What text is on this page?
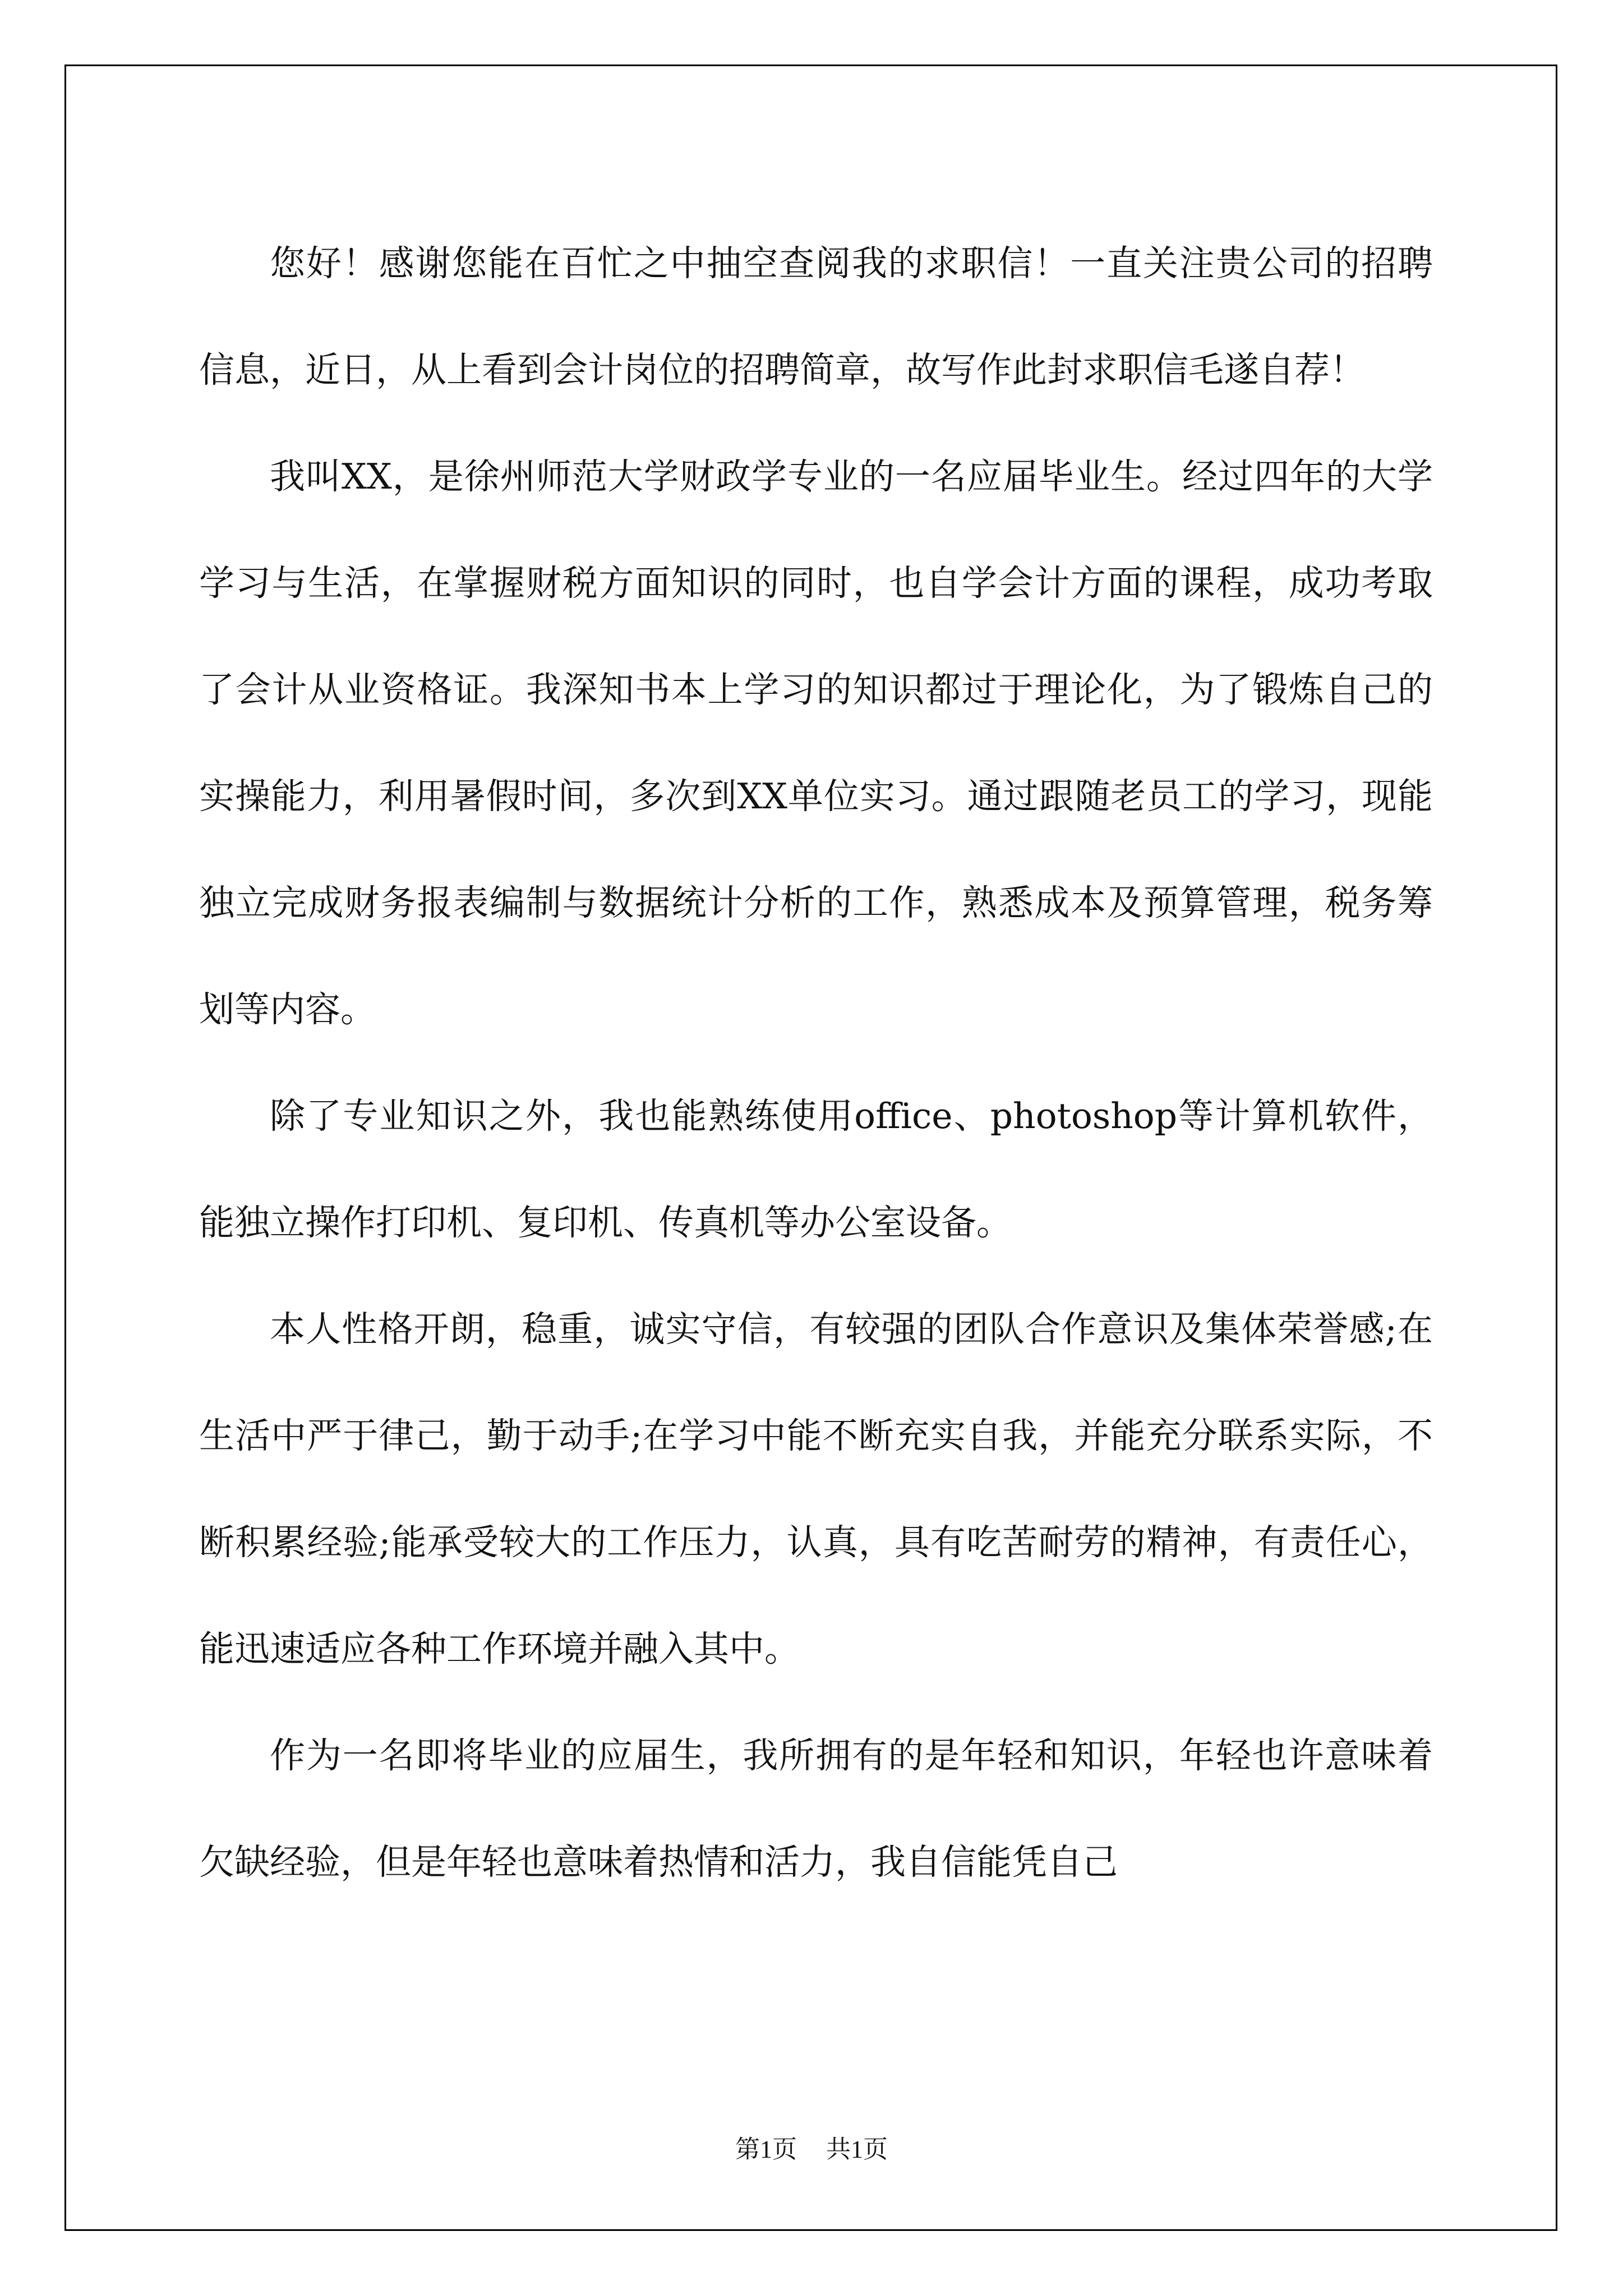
您好！感谢您能在百忙之中抽空查阅我的求职信！一直关注贵公司的招聘信息，近日，从上看到会计岗位的招聘简章，故写作此封求职信毛遂自荐！

我叫XX，是徐州师范大学财政学专业的一名应届毕业生。经过四年的大学学习与生活，在掌握财税方面知识的同时，也自学会计方面的课程，成功考取了会计从业资格证。我深知书本上学习的知识都过于理论化，为了锻炼自己的实操能力，利用暑假时间，多次到XX单位实习。通过跟随老员工的学习，现能独立完成财务报表编制与数据统计分析的工作，熟悉成本及预算管理，税务筹划等内容。

除了专业知识之外，我也能熟练使用office、photoshop等计算机软件，能独立操作打印机、复印机、传真机等办公室设备。

本人性格开朗，稳重，诚实守信，有较强的团队合作意识及集体荣誉感;在生活中严于律己，勤于动手;在学习中能不断充实自我，并能充分联系实际，不断积累经验;能承受较大的工作压力，认真，具有吃苦耐劳的精神，有责任心，能迅速适应各种工作环境并融入其中。

作为一名即将毕业的应届生，我所拥有的是年轻和知识，年轻也许意味着欠缺经验，但是年轻也意味着热情和活力，我自信能凭自己

第1页 共1页
